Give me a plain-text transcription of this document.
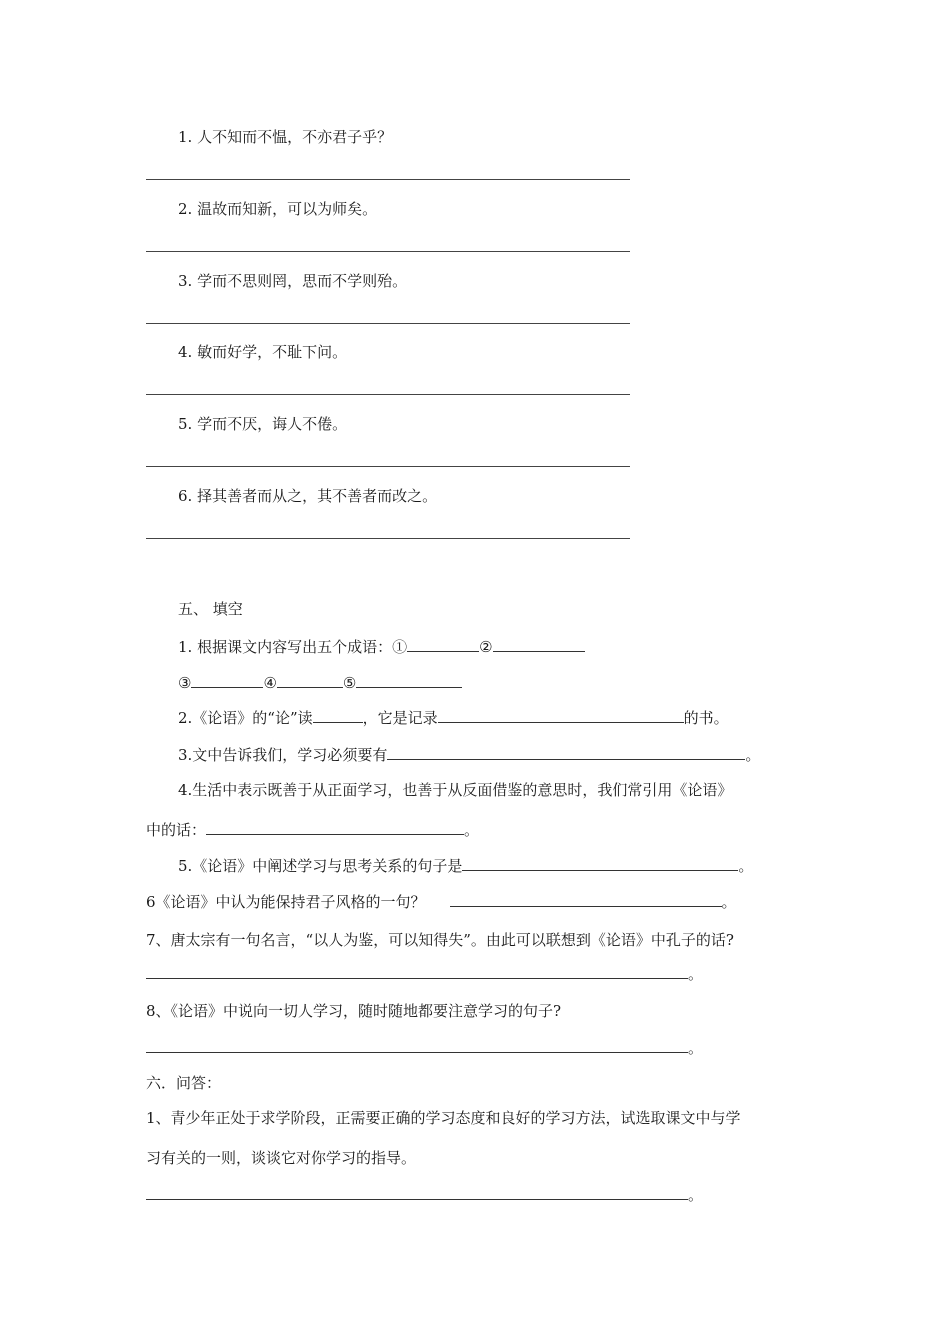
1. 人不知而不愠，不亦君子乎？
2. 温故而知新，可以为师矣。
3. 学而不思则罔，思而不学则殆。
4. 敏而好学，不耻下问。
5. 学而不厌，诲人不倦。
6. 择其善者而从之，其不善者而改之。
五、 填空
1. 根据课文内容写出五个成语：①	②
③	④	⑤
2.《论语》的“论”读	，它是记录	的书。
3.文中告诉我们，学习必须要有	。
4.生活中表示既善于从正面学习，也善于从反面借鉴的意思时，我们常引用《论语》
中的话：	。
5.《论语》中阐述学习与思考关系的句子是	。
6《论语》中认为能保持君子风格的一句？	。
7、唐太宗有一句名言，“以人为鉴，可以知得失”。由此可以联想到《论语》中孔子的话?
。
8、《论语》中说向一切人学习，随时随地都要注意学习的句子?
。
六．问答：
1、青少年正处于求学阶段，正需要正确的学习态度和良好的学习方法，试选取课文中与学
习有关的一则，谈谈它对你学习的指导。
。
